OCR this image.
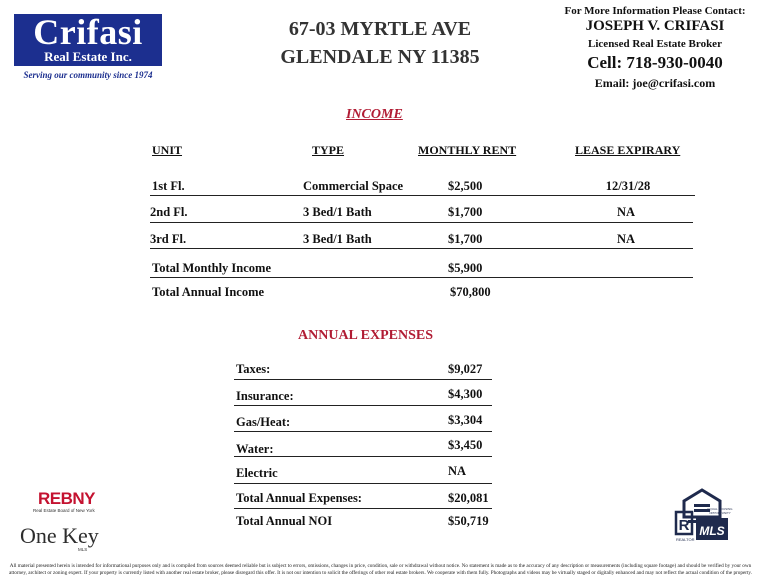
Crifasi
Real Estate Inc.
Serving our community since 1974
67-03 MYRTLE AVE
GLENDALE NY 11385
For More Information Please Contact:
JOSEPH V. CRIFASI
Licensed Real Estate Broker
Cell: 718-930-0040
Email: joe@crifasi.com
INCOME
UNIT	TYPE	MONTHLY RENT	LEASE EXPIRARY
1st Fl.	Commercial Space	$2,500	12/31/28
2nd Fl.	3 Bed/1 Bath	$1,700	NA
3rd Fl.	3 Bed/1 Bath	$1,700	NA
Total Monthly Income	$5,900
Total Annual Income	$70,800
ANNUAL EXPENSES
Taxes:	$9,027
Insurance:	$4,300
Gas/Heat:	$3,304
Water:	$3,450
Electric	NA
Total Annual Expenses:	$20,081
Total Annual NOI	$50,719
REBNY
Real Estate Board of New York
One Key
MLS
R MLS
REALTOR
EQUAL HOUSING OPPORTUNITY
All material presented herein is intended for informational purposes only and is compiled from sources deemed reliable but is subject to errors, omissions, changes in price, condition, sale or withdrawal without notice. No statement is made as to the accuracy of any description or measurements (including square footage) and should be verified by your own attorney, architect or zoning expert. If your property is currently listed with another real estate broker, please disregard this offer. It is not our intention to solicit the offerings of other real estate brokers. We cooperate with them fully. Photographs and videos may be virtually staged or digitally enhanced and may not reflect the actual condition of the property.
